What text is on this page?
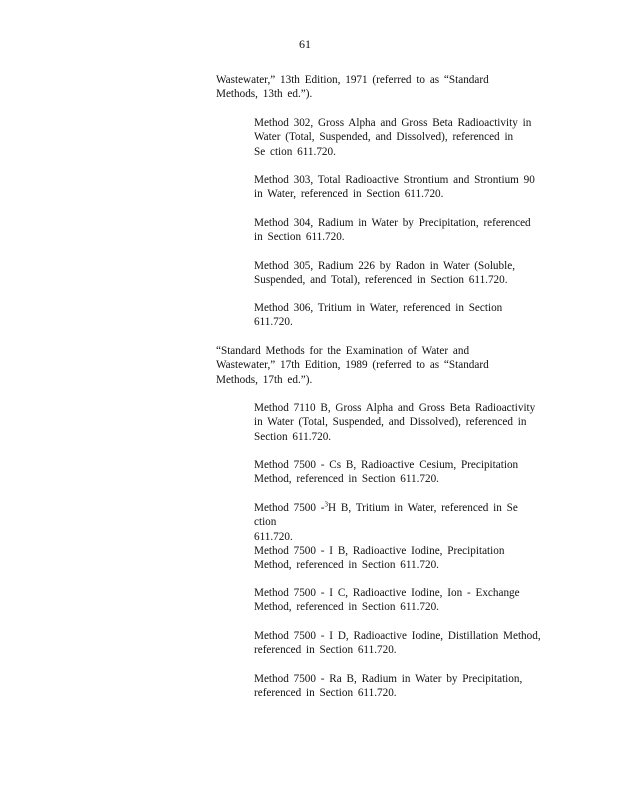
61

Wastewater,” 13th Edition, 1971 (referred to as “Standard

Methods, 13th ed.”).

Method 302, Gross Alpha and Gross Beta Radioactivity in

Water (Total, Suspended, and Dissolved), referenced in

Se ction 611.720.

Method 303, Total Radioactive Strontium and Strontium 90

in Water, referenced in Section 611.720.

Method 304, Radium in Water by Precipitation, referenced

in Section 611.720.

Method 305, Radium 226 by Radon in Water (Soluble,

Suspended, and Total), referenced in Section 611.720.

Method 306, Tritium in Water, referenced in Section

611.720.

“Standard Methods for the Examination of Water and

Wastewater,” 17th Edition, 1989 (referred to as “Standard

Methods, 17th ed.”).

Method 7110 B, Gross Alpha and Gross Beta Radioactivity

in Water (Total, Suspended, and Dissolved), referenced in

Section 611.720.

Method 7500 - Cs B, Radioactive Cesium, Precipitation

Method, referenced in Section 611.720.

Method 7500 -$^3$H B, Tritium in Water, referenced in Se ction

611.720.

Method 7500 - I B, Radioactive Iodine, Precipitation

Method, referenced in Section 611.720.

Method 7500 - I C, Radioactive Iodine, Ion - Exchange

Method, referenced in Section 611.720.

Method 7500 - I D, Radioactive Iodine, Distillation Method,

referenced in Section 611.720.

Method 7500 - Ra B, Radium in Water by Precipitation,

referenced in Section 611.720.
